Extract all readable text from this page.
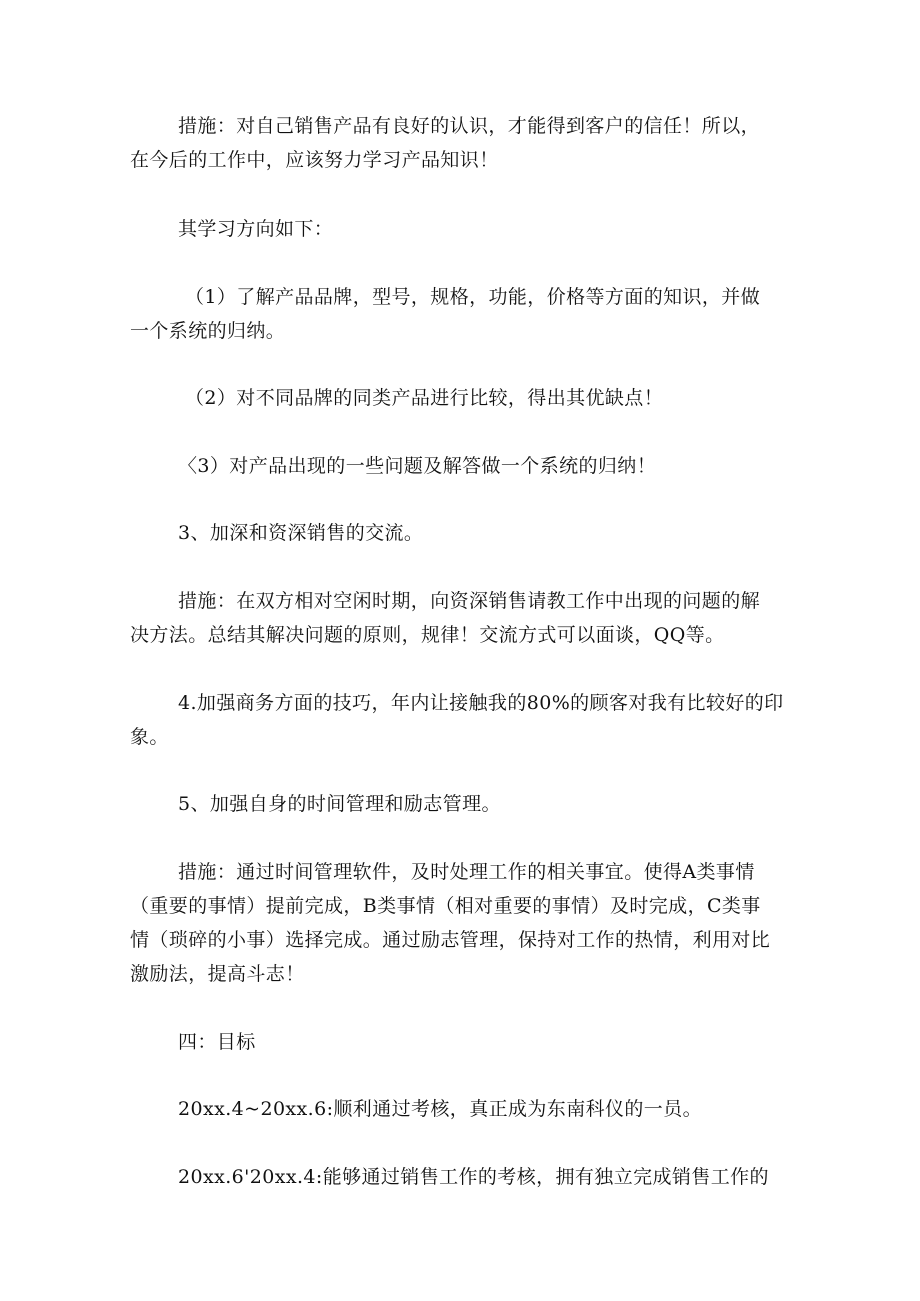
措施：对自己销售产品有良好的认识，才能得到客户的信任！所以，
在今后的工作中，应该努力学习产品知识！
其学习方向如下：
（1）了解产品品牌，型号，规格，功能，价格等方面的知识，并做
一个系统的归纳。
（2）对不同品牌的同类产品进行比较，得出其优缺点！
〈3）对产品出现的一些问题及解答做一个系统的归纳！
3、加深和资深销售的交流。
措施：在双方相对空闲时期，向资深销售请教工作中出现的问题的解
决方法。总结其解决问题的原则，规律！交流方式可以面谈，QQ等。
4.加强商务方面的技巧，年内让接触我的80%的顾客对我有比较好的印
象。
5、加强自身的时间管理和励志管理。
措施：通过时间管理软件，及时处理工作的相关事宜。使得A类事情
（重要的事情）提前完成，B类事情（相对重要的事情）及时完成，C类事
情（琐碎的小事）选择完成。通过励志管理，保持对工作的热情，利用对比
激励法，提高斗志！
四：目标
20xx.4~20xx.6:顺利通过考核，真正成为东南科仪的一员。
20xx.6'20xx.4:能够通过销售工作的考核，拥有独立完成销售工作的
